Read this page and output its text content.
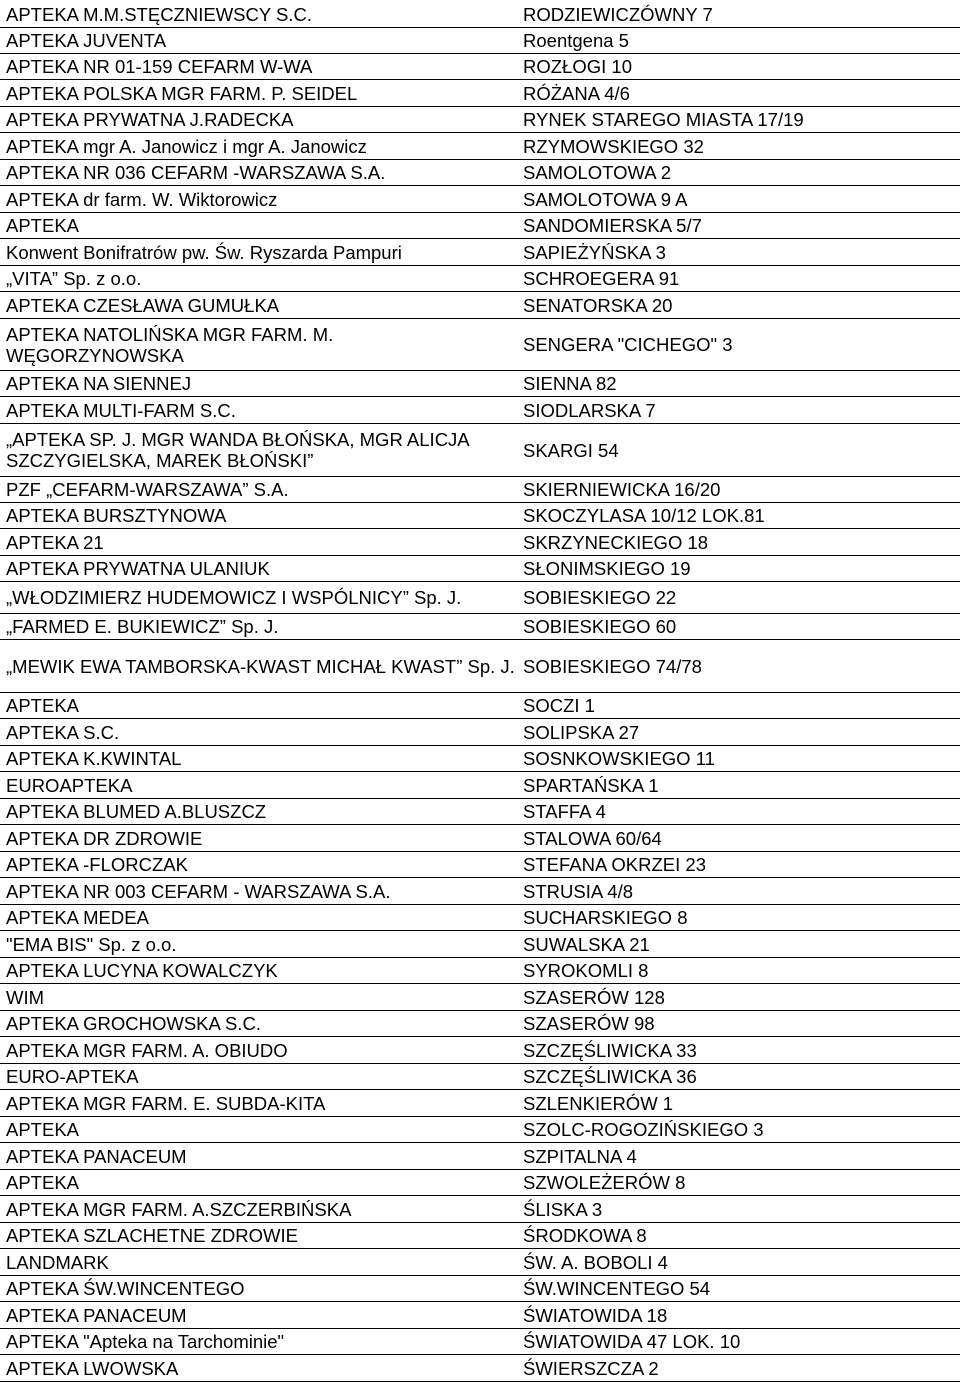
APTEKA M.M.STĘCZNIEWSCY S.C.	RODZIEWICZÓWNY 7
APTEKA JUVENTA	Roentgena 5
APTEKA NR 01-159 CEFARM W-WA	ROZŁOGI 10
APTEKA POLSKA MGR FARM. P. SEIDEL	RÓŻANA 4/6
APTEKA PRYWATNA J.RADECKA	RYNEK STAREGO MIASTA 17/19
APTEKA mgr A. Janowicz i mgr A. Janowicz	RZYMOWSKIEGO 32
APTEKA NR 036 CEFARM -WARSZAWA S.A.	SAMOLOTOWA 2
APTEKA dr farm. W. Wiktorowicz	SAMOLOTOWA 9 A
APTEKA	SANDOMIERSKA 5/7
Konwent Bonifratrów pw. Św. Ryszarda Pampuri	SAPIEŻYŃSKA 3
„VITA” Sp. z o.o.	SCHROEGERA 91
APTEKA CZESŁAWA GUMUŁKA	SENATORSKA 20
APTEKA NATOLIŃSKA MGR FARM. M. WĘGORZYNOWSKA	SENGERA "CICHEGO" 3
APTEKA NA SIENNEJ	SIENNA 82
APTEKA MULTI-FARM S.C.	SIODLARSKA 7
„APTEKA SP. J. MGR WANDA BŁOŃSKA, MGR ALICJA SZCZYGIELSKA, MAREK BŁOŃSKI”	SKARGI 54
PZF „CEFARM-WARSZAWA” S.A.	SKIERNIEWICKA 16/20
APTEKA BURSZTYNOWA	SKOCZYLASA 10/12 LOK.81
APTEKA 21	SKRZYNECKIEGO 18
APTEKA PRYWATNA ULANIUK	SŁONIMSKIEGO 19
„WŁODZIMIERZ HUDEMOWICZ I WSPÓLNICY” Sp. J.	SOBIESKIEGO 22
„FARMED E. BUKIEWICZ” Sp. J.	SOBIESKIEGO 60
„MEWIK EWA TAMBORSKA-KWAST MICHAŁ KWAST” Sp. J. SOBIESKIEGO 74/78
APTEKA	SOCZI 1
APTEKA S.C.	SOLIPSKA 27
APTEKA K.KWINTAL	SOSNKOWSKIEGO 11
EUROAPTEKA	SPARTAŃSKA 1
APTEKA BLUMED A.BLUSZCZ	STAFFA 4
APTEKA DR ZDROWIE	STALOWA 60/64
APTEKA -FLORCZAK	STEFANA OKRZEI 23
APTEKA NR 003 CEFARM - WARSZAWA S.A.	STRUSIA 4/8
APTEKA MEDEA	SUCHARSKIEGO 8
"EMA BIS" Sp. z o.o.	SUWALSKA 21
APTEKA LUCYNA KOWALCZYK	SYROKOMLI 8
WIM	SZASERÓW 128
APTEKA GROCHOWSKA S.C.	SZASERÓW 98
APTEKA MGR FARM. A. OBIUDO	SZCZĘŚLIWICKA 33
EURO-APTEKA	SZCZĘŚLIWICKA 36
APTEKA MGR FARM. E. SUBDA-KITA	SZLENKIERÓW 1
APTEKA	SZOLC-ROGOZIŃSKIEGO 3
APTEKA PANACEUM	SZPITALNA 4
APTEKA	SZWOLEŻERÓW 8
APTEKA MGR FARM. A.SZCZERBIŃSKA	ŚLISKA 3
APTEKA SZLACHETNE ZDROWIE	ŚRODKOWA 8
LANDMARK	ŚW. A. BOBOLI 4
APTEKA ŚW.WINCENTEGO	ŚW.WINCENTEGO 54
APTEKA PANACEUM	ŚWIATOWIDA 18
APTEKA "Apteka na Tarchominie"	ŚWIATOWIDA 47 LOK. 10
APTEKA LWOWSKA	ŚWIERSZCZA 2
